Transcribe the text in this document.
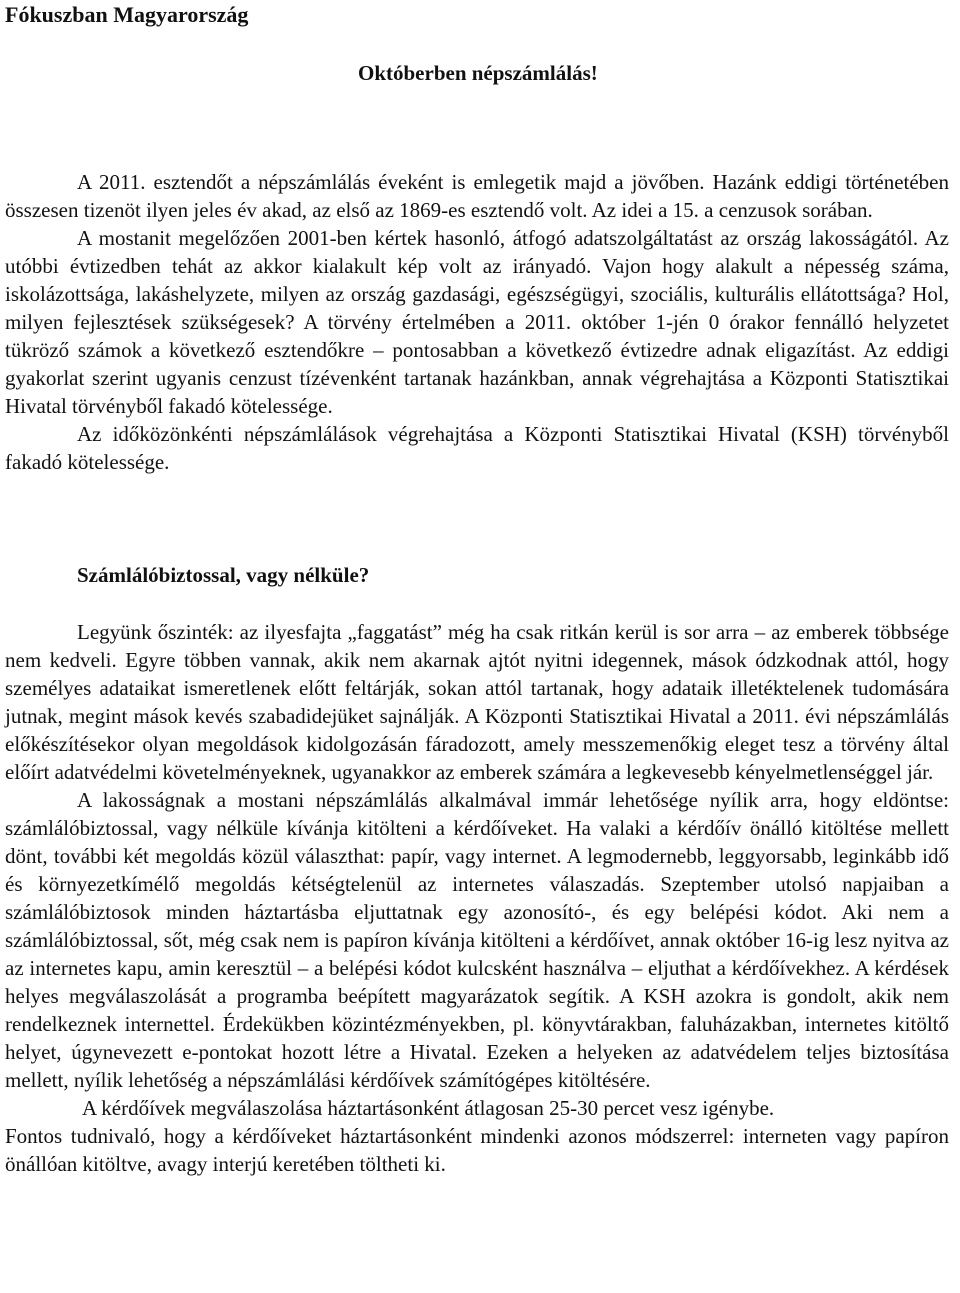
Fókuszban Magyarország
Októberben népszámlálás!

A 2011. esztendőt a népszámlálás éveként is emlegetik majd a jövőben. Hazánk eddigi történetében összesen tizenöt ilyen jeles év akad, az első az 1869-es esztendő volt. Az idei a 15. a cenzusok sorában.

A mostanit megelőzően 2001-ben kértek hasonló, átfogó adatszolgáltatást az ország lakosságától. Az utóbbi évtizedben tehát az akkor kialakult kép volt az irányadó. Vajon hogy alakult a népesség száma, iskolázottsága, lakáshelyzete, milyen az ország gazdasági, egészségügyi, szociális, kulturális ellátottsága? Hol, milyen fejlesztések szükségesek? A törvény értelmében a 2011. október 1-jén 0 órakor fennálló helyzetet tükröző számok a következő esztendőkre – pontosabban a következő évtizedre adnak eligazítást. Az eddigi gyakorlat szerint ugyanis cenzust tízévenként tartanak hazánkban, annak végrehajtása a Központi Statisztikai Hivatal törvényből fakadó kötelessége.

Az időközönkénti népszámlálások végrehajtása a Központi Statisztikai Hivatal (KSH) törvényből fakadó kötelessége.

Számlálóbiztossal, vagy nélküle?

Legyünk őszinték: az ilyesfajta „faggatást” még ha csak ritkán kerül is sor arra – az emberek többsége nem kedveli. Egyre többen vannak, akik nem akarnak ajtót nyitni idegennek, mások ódzkodnak attól, hogy személyes adataikat ismeretlenek előtt feltárják, sokan attól tartanak, hogy adataik illetéktelenek tudomására jutnak, megint mások kevés szabadidejüket sajnálják. A Központi Statisztikai Hivatal a 2011. évi népszámlálás előkészítésekor olyan megoldások kidolgozásán fáradozott, amely messzemenőkig eleget tesz a törvény által előírt adatvédelmi követelményeknek, ugyanakkor az emberek számára a legkevesebb kényelmetlenséggel jár.

A lakosságnak a mostani népszámlálás alkalmával immár lehetősége nyílik arra, hogy eldöntse: számlálóbiztossal, vagy nélküle kívánja kitölteni a kérdőíveket. Ha valaki a kérdőív önálló kitöltése mellett dönt, további két megoldás közül választhat: papír, vagy internet. A legmodernebb, leggyorsabb, leginkább idő és környezetkímélő megoldás kétségtelenül az internetes válaszadás. Szeptember utolsó napjaiban a számlálóbiztosok minden háztartásba eljuttatnak egy azonosító-, és egy belépési kódot. Aki nem a számlálóbiztossal, sőt, még csak nem is papíron kívánja kitölteni a kérdőívet, annak október 16-ig lesz nyitva az az internetes kapu, amin keresztül – a belépési kódot kulcsként használva – eljuthat a kérdőívekhez. A kérdések helyes megválaszolását a programba beépített magyarázatok segítik. A KSH azokra is gondolt, akik nem rendelkeznek internettel. Érdekükben közintézményekben, pl. könyvtárakban, faluházakban, internetes kitöltő helyet, úgynevezett e-pontokat hozott létre a Hivatal. Ezeken a helyeken az adatvédelem teljes biztosítása mellett, nyílik lehetőség a népszámlálási kérdőívek számítógépes kitöltésére.

A kérdőívek megválaszolása háztartásonként átlagosan 25-30 percet vesz igénybe.

Fontos tudnivaló, hogy a kérdőíveket háztartásonként mindenki azonos módszerrel: interneten vagy papíron önállóan kitöltve, avagy interjú keretében töltheti ki.
